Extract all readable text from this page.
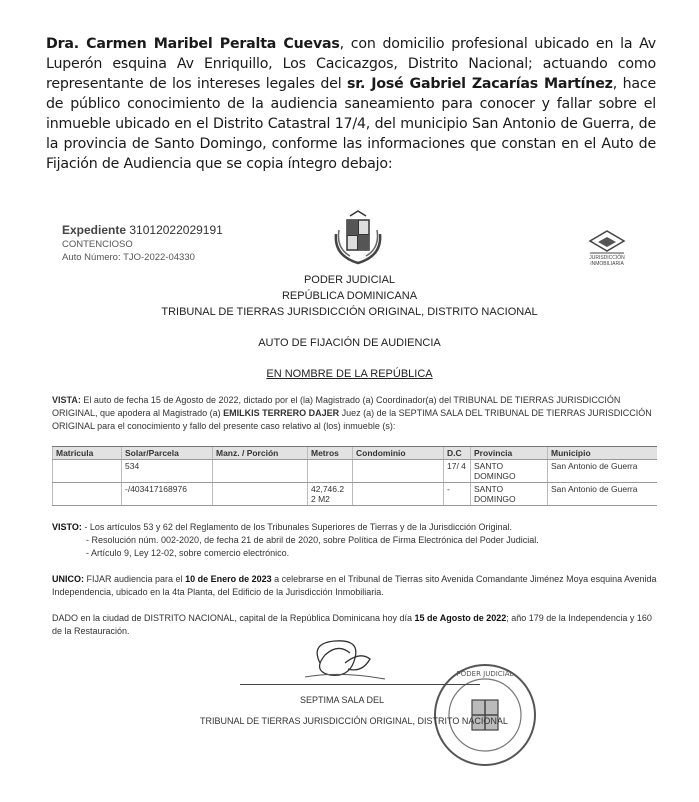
Dra. Carmen Maribel Peralta Cuevas, con domicilio profesional ubicado en la Av Luperón esquina Av Enriquillo, Los Cacicazgos, Distrito Nacional; actuando como representante de los intereses legales del sr. José Gabriel Zacarías Martínez, hace de público conocimiento de la audiencia saneamiento para conocer y fallar sobre el inmueble ubicado en el Distrito Catastral 17/4, del municipio San Antonio de Guerra, de la provincia de Santo Domingo, conforme las informaciones que constan en el Auto de Fijación de Audiencia que se copia íntegro debajo:
Expediente 31012022029191
CONTENCIOSO
Auto Número: TJO-2022-04330	JURISDICCIÓN INMOBILIARIA
PODER JUDICIAL
REPÚBLICA DOMINICANA
TRIBUNAL DE TIERRAS JURISDICCIÓN ORIGINAL, DISTRITO NACIONAL
AUTO DE FIJACIÓN DE AUDIENCIA
EN NOMBRE DE LA REPÚBLICA
VISTA: El auto de fecha 15 de Agosto de 2022, dictado por el (la) Magistrado (a) Coordinador(a) del TRIBUNAL DE TIERRAS JURISDICCIÓN ORIGINAL, que apodera al Magistrado (a) EMILKIS TERRERO DAJER Juez (a) de la SEPTIMA SALA DEL TRIBUNAL DE TIERRAS JURISDICCIÓN ORIGINAL para el conocimiento y fallo del presente caso relativo al (los) inmueble (s):
Matricula	Solar/Parcela	Manz. / Porción	Metros	Condominio	D.C	Provincia	Municipio
	534				17/ 4	SANTO DOMINGO	San Antonio de Guerra
	-/403417168976		42,746.2 2 M2		-	SANTO DOMINGO	San Antonio de Guerra
VISTO: - Los artículos 53 y 62 del Reglamento de los Tribunales Superiores de Tierras y de la Jurisdicción Original.
- Resolución núm. 002-2020, de fecha 21 de abril de 2020, sobre Política de Firma Electrónica del Poder Judicial.
- Artículo 9, Ley 12-02, sobre comercio electrónico.
UNICO: FIJAR audiencia para el 10 de Enero de 2023 a celebrarse en el Tribunal de Tierras sito Avenida Comandante Jiménez Moya esquina Avenida Independencia, ubicado en la 4ta Planta, del Edificio de la Jurisdicción Inmobiliaria.
DADO en la ciudad de DISTRITO NACIONAL, capital de la República Dominicana hoy día 15 de Agosto de 2022; año 179 de la Independencia y 160 de la Restauración.
PODER JUDICIAL
SEPTIMA SALA DEL
TRIBUNAL DE TIERRAS JURISDICCIÓN ORIGINAL, DISTRITO NACIONAL
